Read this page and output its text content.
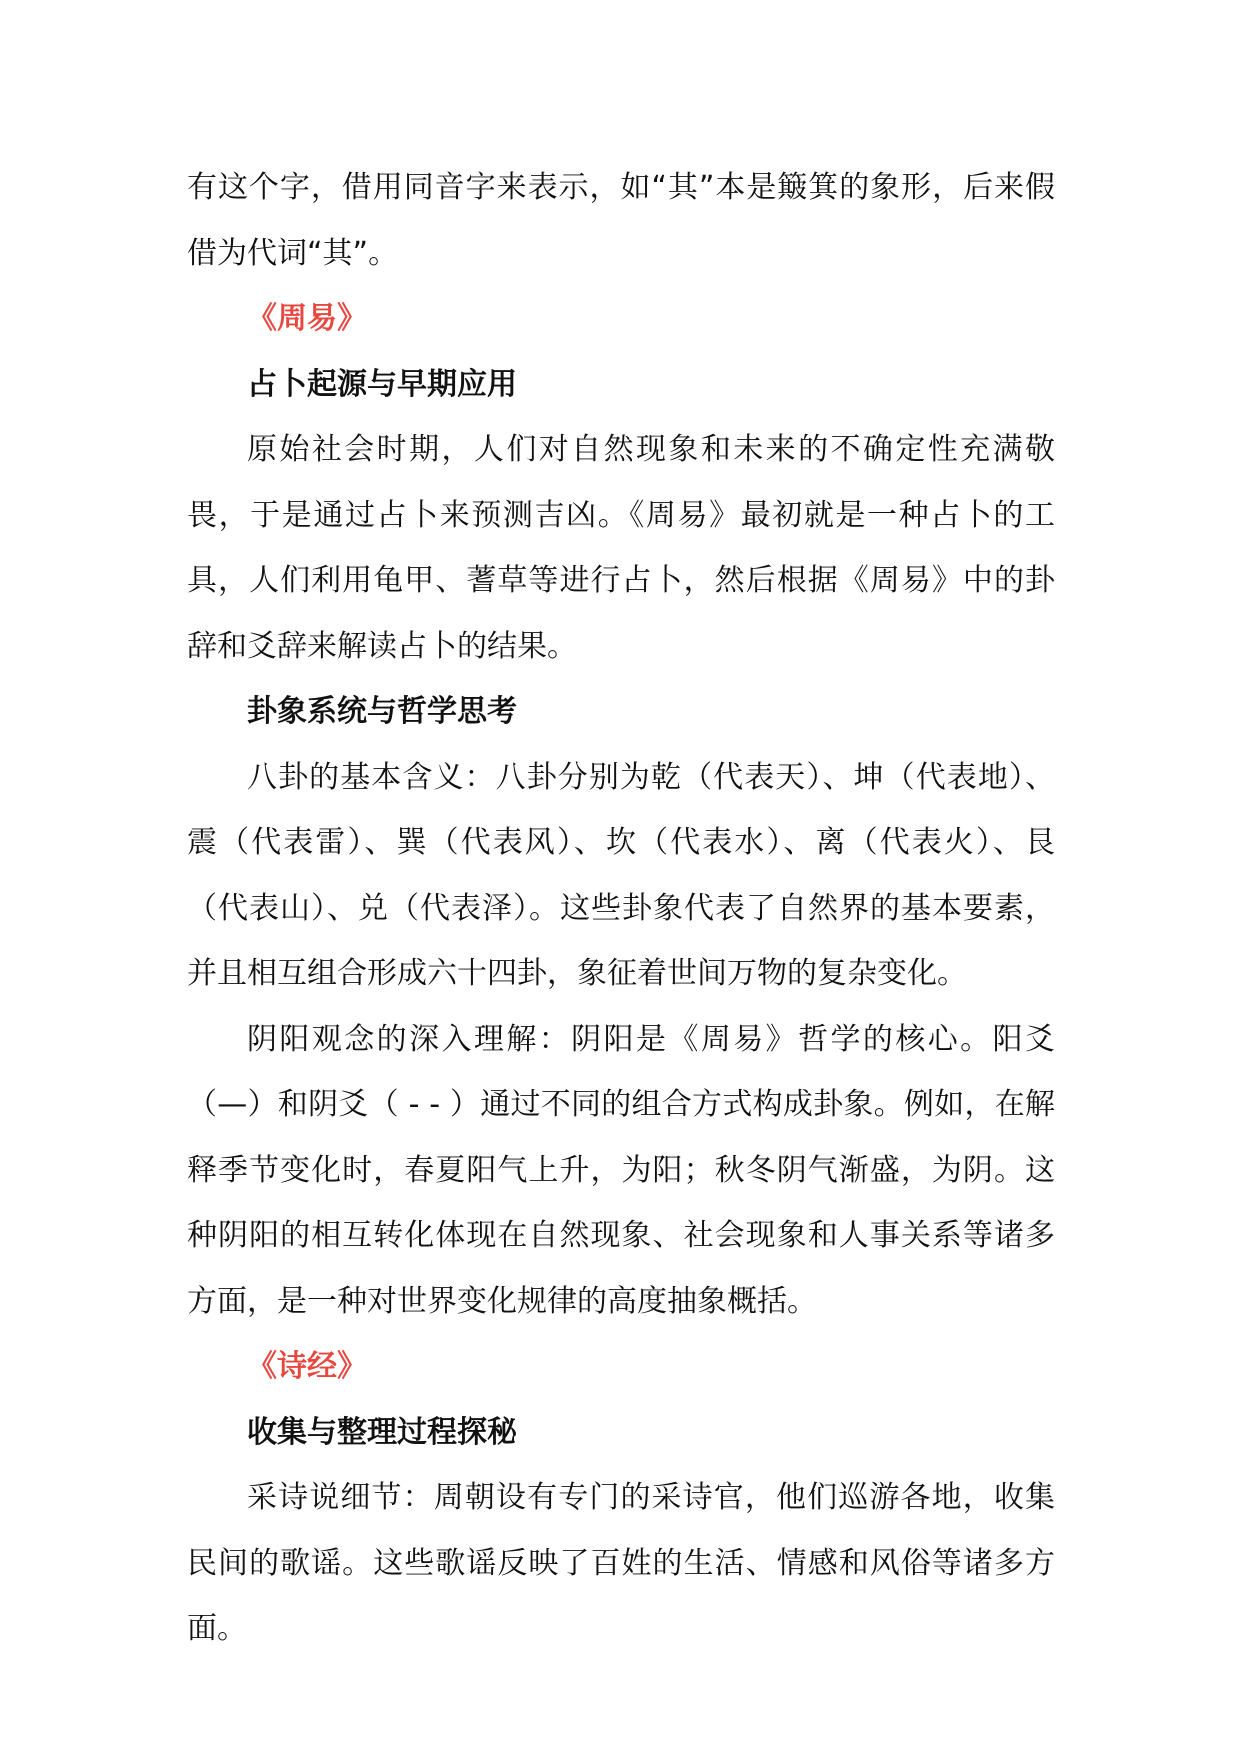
有这个字，借用同音字来表示，如“其”本是簸箕的象形，后来假借为代词“其”。

《周易》

占卜起源与早期应用

原始社会时期，人们对自然现象和未来的不确定性充满敬畏，于是通过占卜来预测吉凶。《周易》最初就是一种占卜的工具，人们利用龟甲、蓍草等进行占卜，然后根据《周易》中的卦辞和爻辞来解读占卜的结果。

卦象系统与哲学思考

八卦的基本含义：八卦分别为乾（代表天）、坤（代表地）、震（代表雷）、巽（代表风）、坎（代表水）、离（代表火）、艮（代表山）、兑（代表泽）。这些卦象代表了自然界的基本要素，并且相互组合形成六十四卦，象征着世间万物的复杂变化。

阴阳观念的深入理解：阴阳是《周易》哲学的核心。阳爻（—）和阴爻（ - - ）通过不同的组合方式构成卦象。例如，在解释季节变化时，春夏阳气上升，为阳；秋冬阴气渐盛，为阴。这种阴阳的相互转化体现在自然现象、社会现象和人事关系等诸多方面，是一种对世界变化规律的高度抽象概括。

《诗经》

收集与整理过程探秘

采诗说细节：周朝设有专门的采诗官，他们巡游各地，收集民间的歌谣。这些歌谣反映了百姓的生活、情感和风俗等诸多方面。
